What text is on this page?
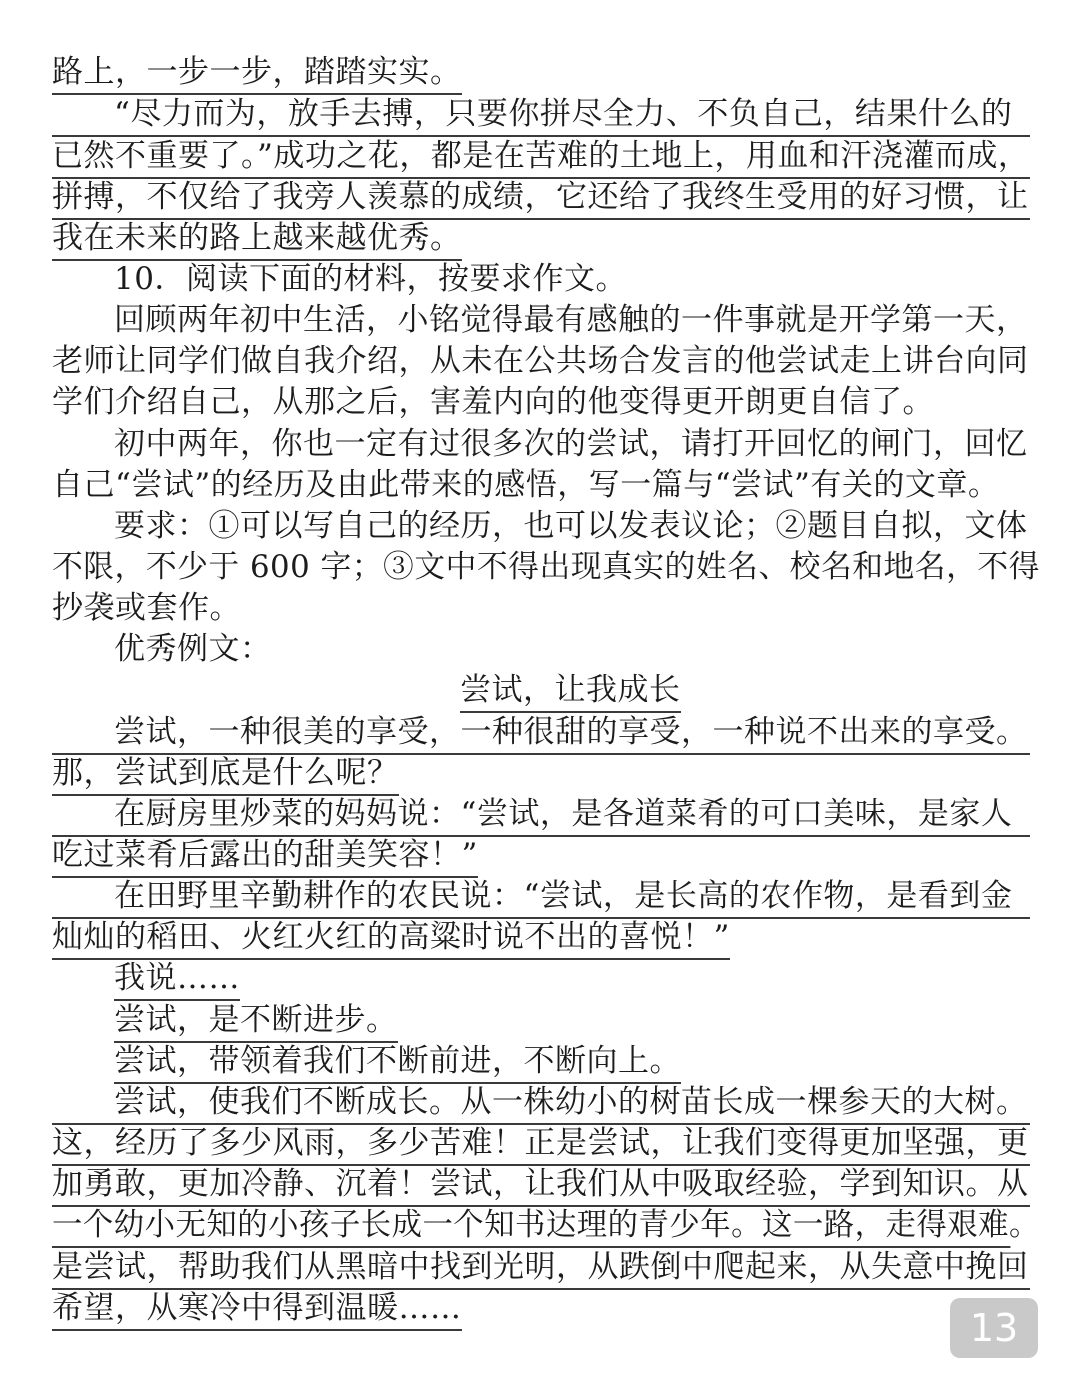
路上，一步一步，踏踏实实。
“尽力而为，放手去搏，只要你拼尽全力、不负自己，结果什么的
已然不重要了。”成功之花，都是在苦难的土地上，用血和汗浇灌而成，
拼搏，不仅给了我旁人羡慕的成绩，它还给了我终生受用的好习惯，让
我在未来的路上越来越优秀。
10．阅读下面的材料，按要求作文。
回顾两年初中生活，小铭觉得最有感触的一件事就是开学第一天，
老师让同学们做自我介绍，从未在公共场合发言的他尝试走上讲台向同
学们介绍自己，从那之后，害羞内向的他变得更开朗更自信了。
初中两年，你也一定有过很多次的尝试，请打开回忆的闸门，回忆
自己“尝试”的经历及由此带来的感悟，写一篇与“尝试”有关的文章。
要求：①可以写自己的经历，也可以发表议论；②题目自拟，文体
不限，不少于 600 字；③文中不得出现真实的姓名、校名和地名，不得
抄袭或套作。
优秀例文：
尝试，让我成长
尝试，一种很美的享受，一种很甜的享受，一种说不出来的享受。
那，尝试到底是什么呢？
在厨房里炒菜的妈妈说：“尝试，是各道菜肴的可口美味，是家人
吃过菜肴后露出的甜美笑容！”
在田野里辛勤耕作的农民说：“尝试，是长高的农作物，是看到金
灿灿的稻田、火红火红的高粱时说不出的喜悦！”
我说……
尝试，是不断进步。
尝试，带领着我们不断前进，不断向上。
尝试，使我们不断成长。从一株幼小的树苗长成一棵参天的大树。
这，经历了多少风雨，多少苦难！正是尝试，让我们变得更加坚强，更
加勇敢，更加冷静、沉着！尝试，让我们从中吸取经验，学到知识。从
一个幼小无知的小孩子长成一个知书达理的青少年。这一路，走得艰难。
是尝试，帮助我们从黑暗中找到光明，从跌倒中爬起来，从失意中挽回
希望，从寒冷中得到温暖……	13
